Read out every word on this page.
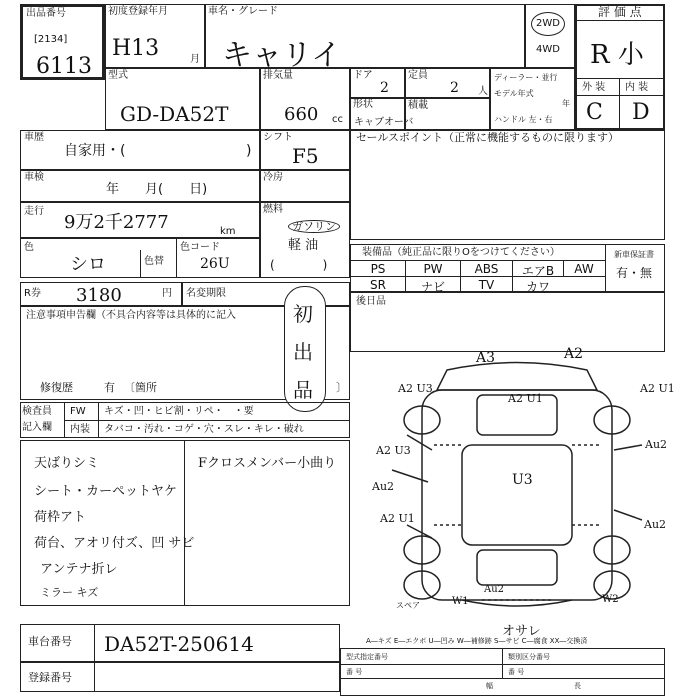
出品番号
[2134]
6113
初度登録年月
H13	月
車名・グレード
キャリイ
2WD
4WD
評 価 点
R 小
外 装 内 装
C D
型式
GD-DA52T
排気量
660 cc
ドア
2
定員
2 人
ディーラー・並行
モデル年式
年
ハンドル 左・右
形状
キャブオーバ
積載
車歴
自家用・(	)
シフト
F5
車検
年　　月(　　日)
冷房
走行
9万2千2777	km
燃料
ガソリン
軽 油
(　　　　)
色
シロ	色替
色コード
26U
R券 3180	円 名変期限
注意事項申告欄（不具合内容等は具体的に記入
修復歴	有 〔箇所	〕
初
出
品
セールスポイント（正常に機能するものに限ります）
装備品（純正品に限りOをつけてください）	新車保証書
有・無
PS	PW	ABS	エアB	AW
SR	ナビ	TV	カワ
後日品
検査員
記入欄
FW キズ・凹・ヒビ割・リペ・　・要
内装 タバコ・汚れ・コゲ・穴・スレ・キレ・破れ
天ばりシミ
シート・カーペットヤケ
荷枠アト
荷台、アオリ付ズ、凹 サビ
アンテナ折レ
ミラー キズ
Fクロスメンバー小曲り
A3	A2
A2 U3
A2 U1
A2 U1
A2 U3
Au2	U3
Au2
A2 U1	Au2
Au2
W1	W2
スペア
車台番号 DA52T-250614
登録番号
オサレ
A―キズ E―エクボ U―凹み W―補修跡 S―サビ C―腐食 XX―交換済
型式指定番号
番 号
類別区分番号
番 号
幅	長
